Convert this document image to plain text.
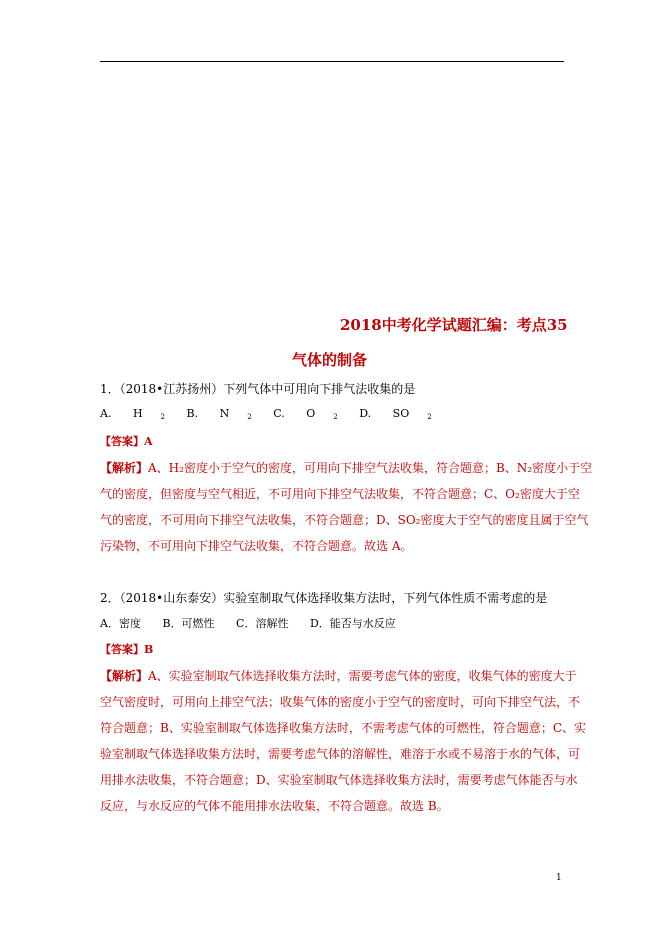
2018中考化学试题汇编：考点35
气体的制备
1．（2018•江苏扬州）下列气体中可用向下排气法收集的是
A. H	$_2$ B. N	$_2$ C. O	$_2$ D. SO	$_2$
【答案】A
【解析】A、H₂密度小于空气的密度，可用向下排空气法收集，符合题意；B、N₂密度小于空
气的密度，但密度与空气相近，不可用向下排空气法收集，不符合题意；C、O₂密度大于空
气的密度，不可用向下排空气法收集，不符合题意；D、SO₂密度大于空气的密度且属于空气
污染物，不可用向下排空气法收集，不符合题意。故选 A。
2．（2018•山东泰安）实验室制取气体选择收集方法时，下列气体性质不需考虑的是
A．密度 B．可燃性 C．溶解性 D．能否与水反应
【答案】B
【解析】A、实验室制取气体选择收集方法时，需要考虑气体的密度，收集气体的密度大于
空气密度时，可用向上排空气法；收集气体的密度小于空气的密度时，可向下排空气法，不
符合题意；B、实验室制取气体选择收集方法时，不需考虑气体的可燃性，符合题意；C、实
验室制取气体选择收集方法时，需要考虑气体的溶解性，难溶于水或不易溶于水的气体，可
用排水法收集，不符合题意；D、实验室制取气体选择收集方法时，需要考虑气体能否与水
反应，与水反应的气体不能用排水法收集，不符合题意。故选 B。
1
